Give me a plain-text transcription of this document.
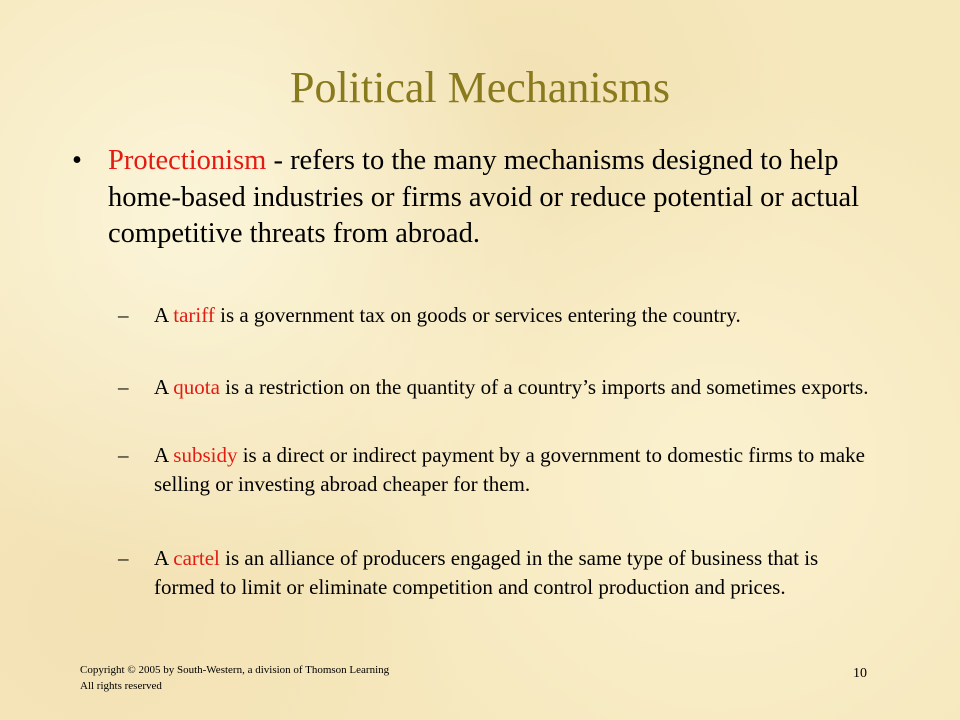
Political Mechanisms
• Protectionism - refers to the many mechanisms designed to help home-based industries or firms avoid or reduce potential or actual competitive threats from abroad.
– A tariff is a government tax on goods or services entering the country.
– A quota is a restriction on the quantity of a country’s imports and sometimes exports.
– A subsidy is a direct or indirect payment by a government to domestic firms to make selling or investing abroad cheaper for them.
– A cartel is an alliance of producers engaged in the same type of business that is formed to limit or eliminate competition and control production and prices.
Copyright © 2005 by South-Western, a division of Thomson Learning
All rights reserved
10
